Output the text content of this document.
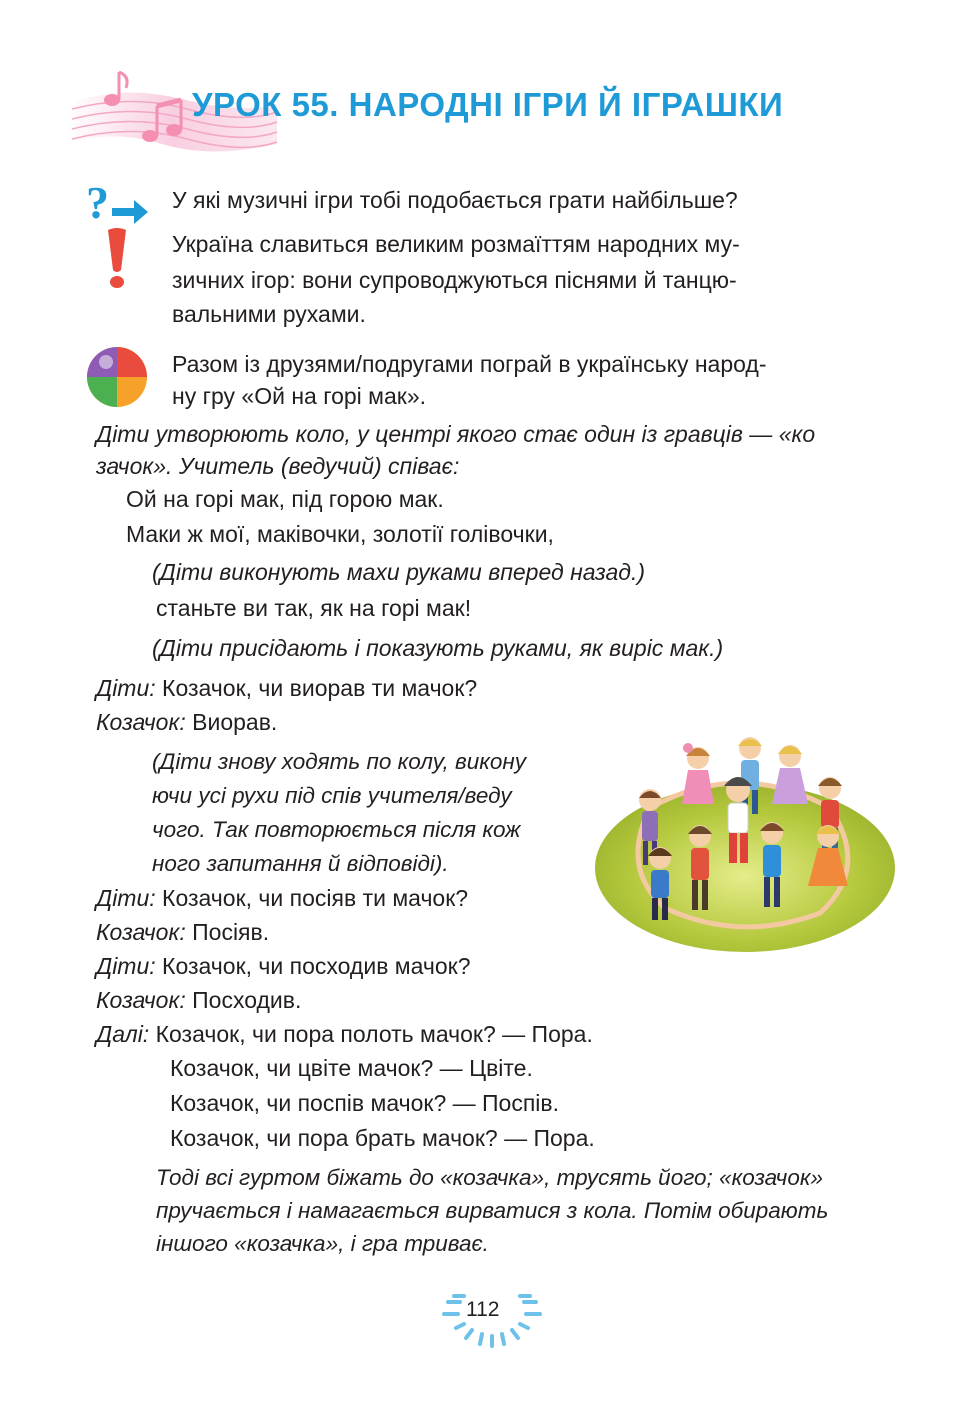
УРОК 55. НАРОДНІ ІГРИ Й ІГРАШКИ
?	У які музичні ігри тобі подобається грати найбільше?
Україна славиться великим розмаїттям народних му-
зичних ігор: вони супроводжуються піснями й танцю-
вальними рухами.
Разом із друзями/подругами пограй в українську народ-
ну гру «Ой на горі мак».
Діти утворюють коло, у центрі якого стає один із гравців — «ко
зачок». Учитель (ведучий) співає:
Ой на горі мак, під горою мак.
Маки ж мої, маківочки, золотії голівочки,
(Діти виконують махи руками вперед назад.)
станьте ви так, як на горі мак!
(Діти присідають і показують руками, як виріс мак.)
Діти: Козачок, чи виорав ти мачок?
Козачок: Виорав.
(Діти знову ходять по колу, викону
ючи усі рухи під спів учителя/веду
чого. Так повторюється після кож
ного запитання й відповіді).
Діти: Козачок, чи посіяв ти мачок?
Козачок: Посіяв.
Діти: Козачок, чи посходив мачок?
Козачок: Посходив.
Далі: Козачок, чи пора полоть мачок? — Пора.
Козачок, чи цвіте мачок? — Цвіте.
Козачок, чи поспів мачок? — Поспів.
Козачок, чи пора брать мачок? — Пора.
Тоді всі гуртом біжать до «козачка», трусять його; «козачок»
пручається і намагається вирватися з кола. Потім обирають
іншого «козачка», і гра триває.
112
